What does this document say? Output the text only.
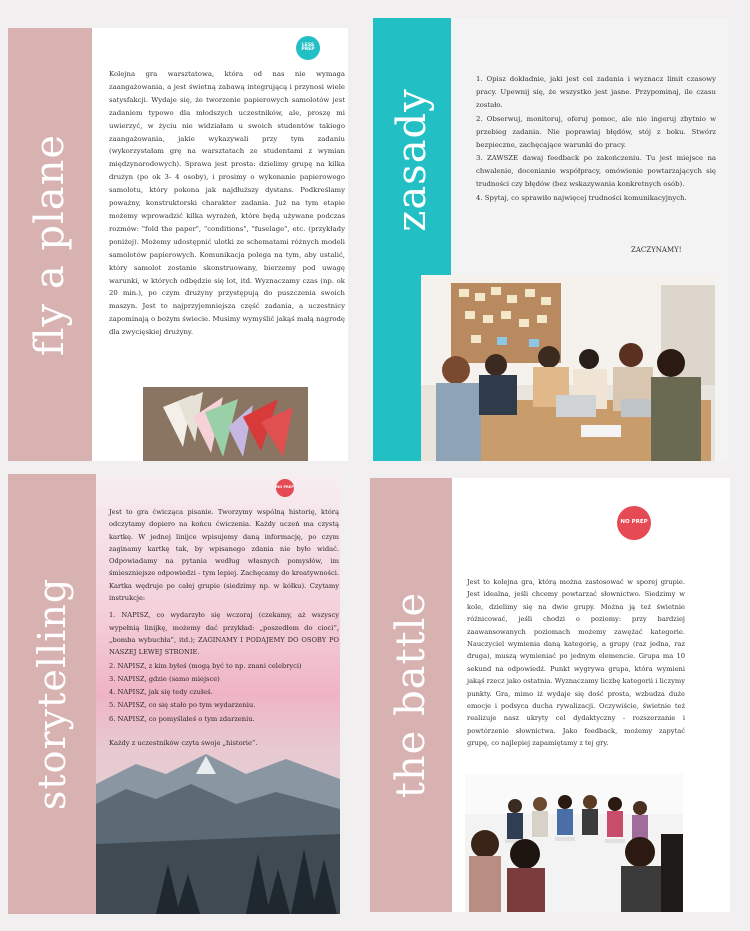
fly a plane
LESS PREP
Kolejna gra warsztatowa, która od nas nie wymaga zaangażowania, a jest świetną zabawą integrującą i przynosi wiele satysfakcji. Wydaje się, że tworzenie papierowych samolotów jest zadaniem typowo dla młodszych uczestników, ale, proszę mi uwierzyć, w życiu nie widziałam u swoich studentów takiego zaangażowania, jakie wykazywali przy tym zadaniu (wykorzystałam grę na warsztatach ze studentami z wymian międzynarodowych). Sprawa jest prosta: dzielimy grupę na kilka drużyn (po ok 3- 4 osoby), i prosimy o wykonanie papierowego samolotu, który pokona jak najdłuższy dystans. Podkreślamy poważny, konstruktorski charakter zadania. Już na tym etapie możemy wprowadzić kilka wyrażeń, które będą używane podczas rozmów: "fold the paper", "conditions", "fuselage", etc. (przykłady poniżej). Możemy udostępnić ulotki ze schematami różnych modeli samolotów papierowych. Komunikacja polega na tym, aby ustalić, który samolot zostanie skonstruowany, bierzemy pod uwagę warunki, w których odbędzie się lot, itd. Wyznaczamy czas (np. ok 20 min.), po czym drużyny przystępują do puszczenia swoich maszyn. Jest to najprzyjemniejsza część zadania, a uczestnicy zapominają o bożym świecie. Musimy wymyślić jakąś małą nagrodę dla zwycięskiej drużyny.
zasady
1. Opisz dokładnie, jaki jest cel zadania i wyznacz limit czasowy pracy. Upewnij się, że wszystko jest jasne. Przypominaj, ile czasu zostało.
2. Obserwuj, monitoruj, oferuj pomoc, ale nie ingeruj zbytnio w przebieg zadania. Nie poprawiaj błędów, stój z boku. Stwórz bezpieczne, zachęcające warunki do pracy.
3. ZAWSZE dawaj feedback po zakończeniu. Tu jest miejsce na chwalenie, docenianie współpracy, omówienie powtarzających się trudności czy błędów (bez wskazywania konkretnych osób).
4. Spytaj, co sprawiło najwięcej trudności komunikacyjnych.
ZACZYNAMY!
storytelling
NO PREP

Jest to gra ćwicząca pisanie. Tworzymy wspólną historię, którą odczytamy dopiero na końcu ćwiczenia. Każdy uczeń ma czystą kartkę. W jednej linijce wpisujemy daną informację, po czym zaginamy kartkę tak, by wpisanego zdania nie było widać. Odpowiadamy na pytania według własnych pomysłów, im śmieszniejsze odpowiedzi - tym lepiej. Zachęcamy do kreatywności. Kartka wędruje po całej grupie (siedzimy np. w kółku). Czytamy instrukcje:

1. NAPISZ, co wydarzyło się wczoraj (czekamy, aż wszyscy wypełnią linijkę, możemy dać przykład: „poszedłem do cioci”, „bomba wybuchła”, itd.); ZAGINAMY I PODAJEMY DO OSOBY PO NASZEJ LEWEJ STRONIE.

2. NAPISZ, z kim byłeś (mogą być to np. znani celebryci)

3. NAPISZ, gdzie (samo miejsce)

4. NAPISZ, jak się tedy czułeś.

5. NAPISZ, co się stało po tym wydarzeniu.

6. NAPISZ, co pomyślałeś o tym zdarzeniu.

Każdy z uczestników czyta swoje „historie”.	the battle
NO PREP
Jest to kolejna gra, którą można zastosować w sporej grupie. Jest idealna, jeśli chcemy powtarzać słownictwo. Siedzimy w kole, dzielimy się na dwie grupy. Można ją też świetnie różnicować, jeśli chodzi o poziomy: przy bardziej zaawansowanych poziomach możemy zawężać kategorie. Nauczyciel wymienia daną kategorię, a grupy (raz jedna, raz druga), muszą wymieniać po jednym elemencie. Grupa ma 10 sekund na odpowiedź. Punkt wygrywa grupa, która wymieni jakąś rzecz jako ostatnia. Wyznaczamy liczbę kategorii i liczymy punkty. Gra, mimo iż wydaje się dość prosta, wzbudza duże emocje i podsyca ducha rywalizacji. Oczywiście, świetnie też realizuje nasz ukryty cel dydaktyczny - rozszerzanie i powtórzenie słownictwa. Jako feedback, możemy zapytać grupę, co najlepiej zapamiętamy z tej gry.
